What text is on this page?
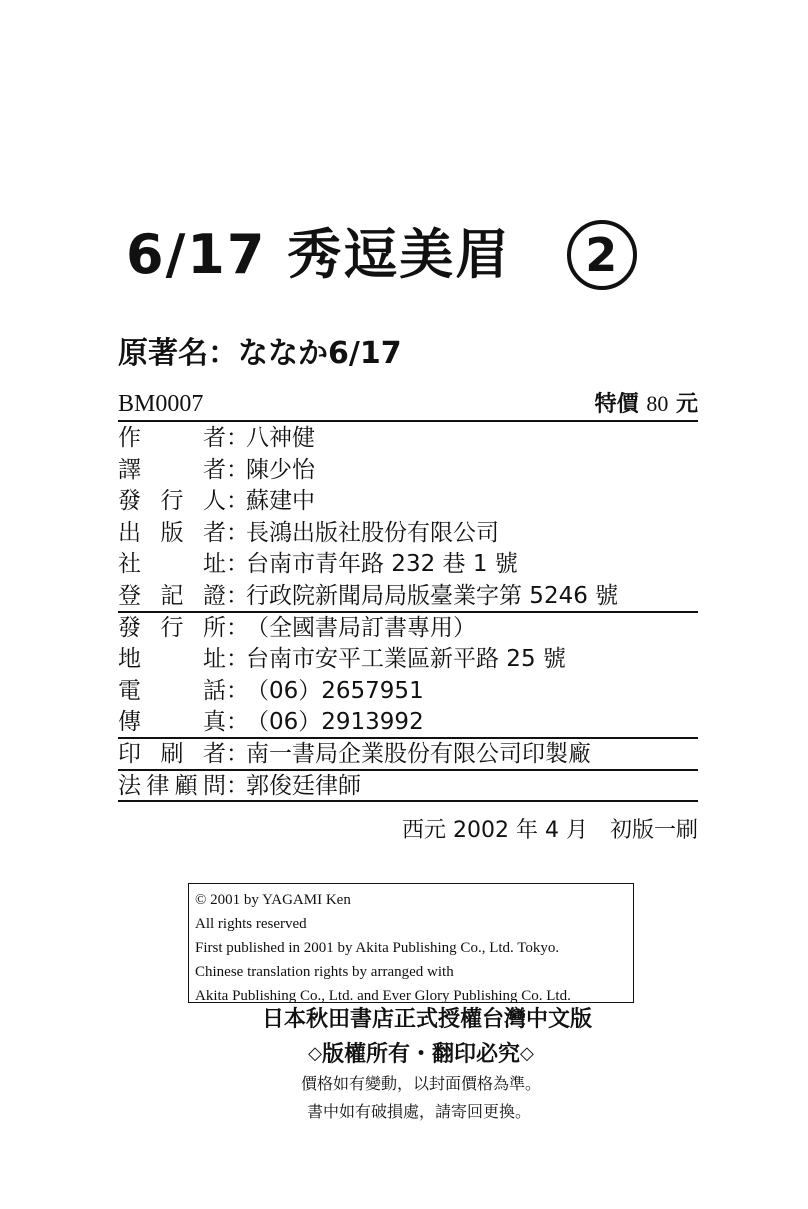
6/17 秀逗美眉	2
原著名：ななか6/17
BM0007	特價 80 元
作者：八神健
譯者：陳少怡
發行人：蘇建中
出版者：長鴻出版社股份有限公司
社址：台南市青年路 232 巷 1 號
登記證：行政院新聞局局版臺業字第 5246 號
發行所：（全國書局訂書專用）
地址：台南市安平工業區新平路 25 號
電話：（06）2657951
傳真：（06）2913992
印刷者：南一書局企業股份有限公司印製廠
法律顧問：郭俊廷律師
西元 2002 年 4 月　初版一刷
© 2001 by YAGAMI Ken
All rights reserved
First published in 2001 by Akita Publishing Co., Ltd. Tokyo.
Chinese translation rights by arranged with
Akita Publishing Co., Ltd. and Ever Glory Publishing Co. Ltd.
日本秋田書店正式授權台灣中文版
◇版權所有・翻印必究◇
價格如有變動，以封面價格為準。
書中如有破損處，請寄回更換。
